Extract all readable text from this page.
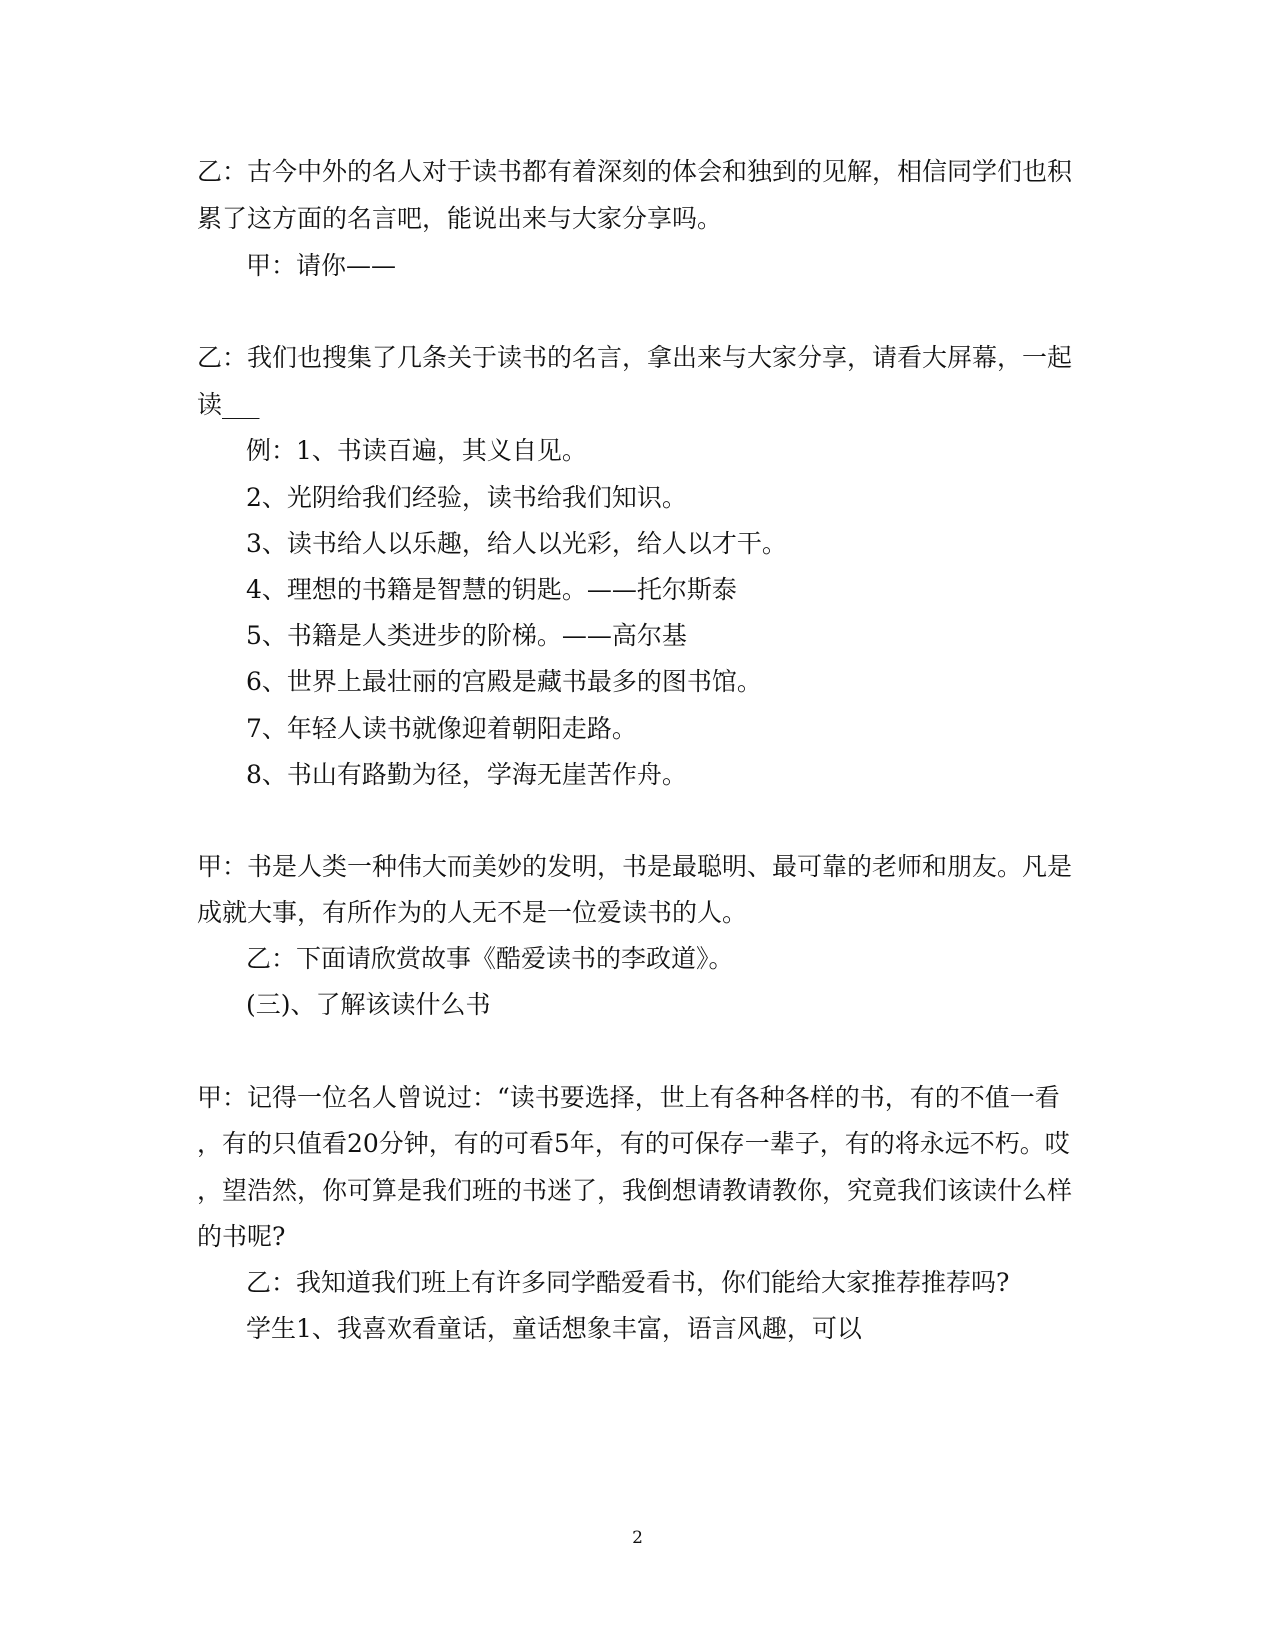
乙：古今中外的名人对于读书都有着深刻的体会和独到的见解，相信同学们也积
累了这方面的名言吧，能说出来与大家分享吗。
甲：请你——
乙：我们也搜集了几条关于读书的名言，拿出来与大家分享，请看大屏幕，一起
读___
例：1、书读百遍，其义自见。
2、光阴给我们经验，读书给我们知识。
3、读书给人以乐趣，给人以光彩，给人以才干。
4、理想的书籍是智慧的钥匙。——托尔斯泰
5、书籍是人类进步的阶梯。——高尔基
6、世界上最壮丽的宫殿是藏书最多的图书馆。
7、年轻人读书就像迎着朝阳走路。
8、书山有路勤为径，学海无崖苦作舟。
甲：书是人类一种伟大而美妙的发明，书是最聪明、最可靠的老师和朋友。凡是
成就大事，有所作为的人无不是一位爱读书的人。
乙：下面请欣赏故事《酷爱读书的李政道》。
(三)、了解该读什么书
甲：记得一位名人曾说过：“读书要选择，世上有各种各样的书，有的不值一看
，有的只值看20分钟，有的可看5年，有的可保存一辈子，有的将永远不朽。哎
，望浩然，你可算是我们班的书迷了，我倒想请教请教你，究竟我们该读什么样
的书呢?
乙：我知道我们班上有许多同学酷爱看书，你们能给大家推荐推荐吗?
学生1、我喜欢看童话，童话想象丰富，语言风趣，可以
2
